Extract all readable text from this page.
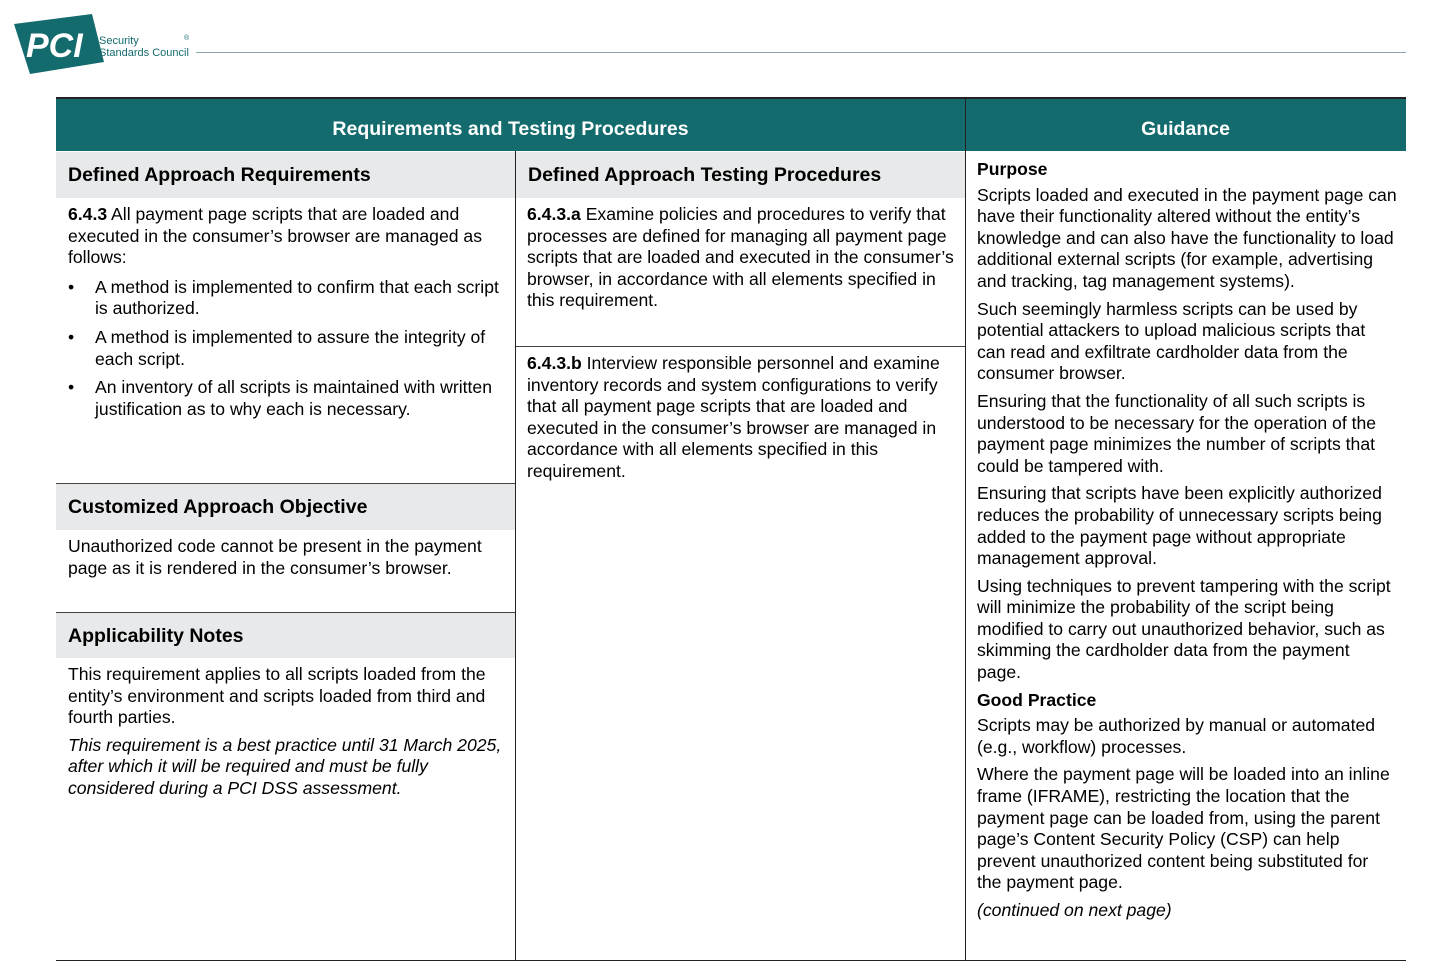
PCI Security
Standards Council
®
Requirements and Testing Procedures	Guidance
Defined Approach Requirements

6.4.3 All payment page scripts that are loaded and executed in the consumer’s browser are managed as follows:

• A method is implemented to confirm that each script is authorized.
• A method is implemented to assure the integrity of each script.
• An inventory of all scripts is maintained with written justification as to why each is necessary.
Customized Approach Objective
Unauthorized code cannot be present in the payment page as it is rendered in the consumer’s browser.
Applicability Notes

This requirement applies to all scripts loaded from the entity’s environment and scripts loaded from third and fourth parties.

This requirement is a best practice until 31 March 2025, after which it will be required and must be fully considered during a PCI DSS assessment.

Defined Approach Testing Procedures

6.4.3.a Examine policies and procedures to verify that processes are defined for managing all payment page scripts that are loaded and executed in the consumer’s browser, in accordance with all elements specified in this requirement.

6.4.3.b Interview responsible personnel and examine inventory records and system configurations to verify that all payment page scripts that are loaded and executed in the consumer’s browser are managed in accordance with all elements specified in this requirement.

Purpose

Scripts loaded and executed in the payment page can have their functionality altered without the entity’s knowledge and can also have the functionality to load additional external scripts (for example, advertising and tracking, tag management systems).

Such seemingly harmless scripts can be used by potential attackers to upload malicious scripts that can read and exfiltrate cardholder data from the consumer browser.

Ensuring that the functionality of all such scripts is understood to be necessary for the operation of the payment page minimizes the number of scripts that could be tampered with.

Ensuring that scripts have been explicitly authorized reduces the probability of unnecessary scripts being added to the payment page without appropriate management approval.

Using techniques to prevent tampering with the script will minimize the probability of the script being modified to carry out unauthorized behavior, such as skimming the cardholder data from the payment page.

Good Practice

Scripts may be authorized by manual or automated (e.g., workflow) processes.

Where the payment page will be loaded into an inline frame (IFRAME), restricting the location that the payment page can be loaded from, using the parent page’s Content Security Policy (CSP) can help prevent unauthorized content being substituted for the payment page.

(continued on next page)
